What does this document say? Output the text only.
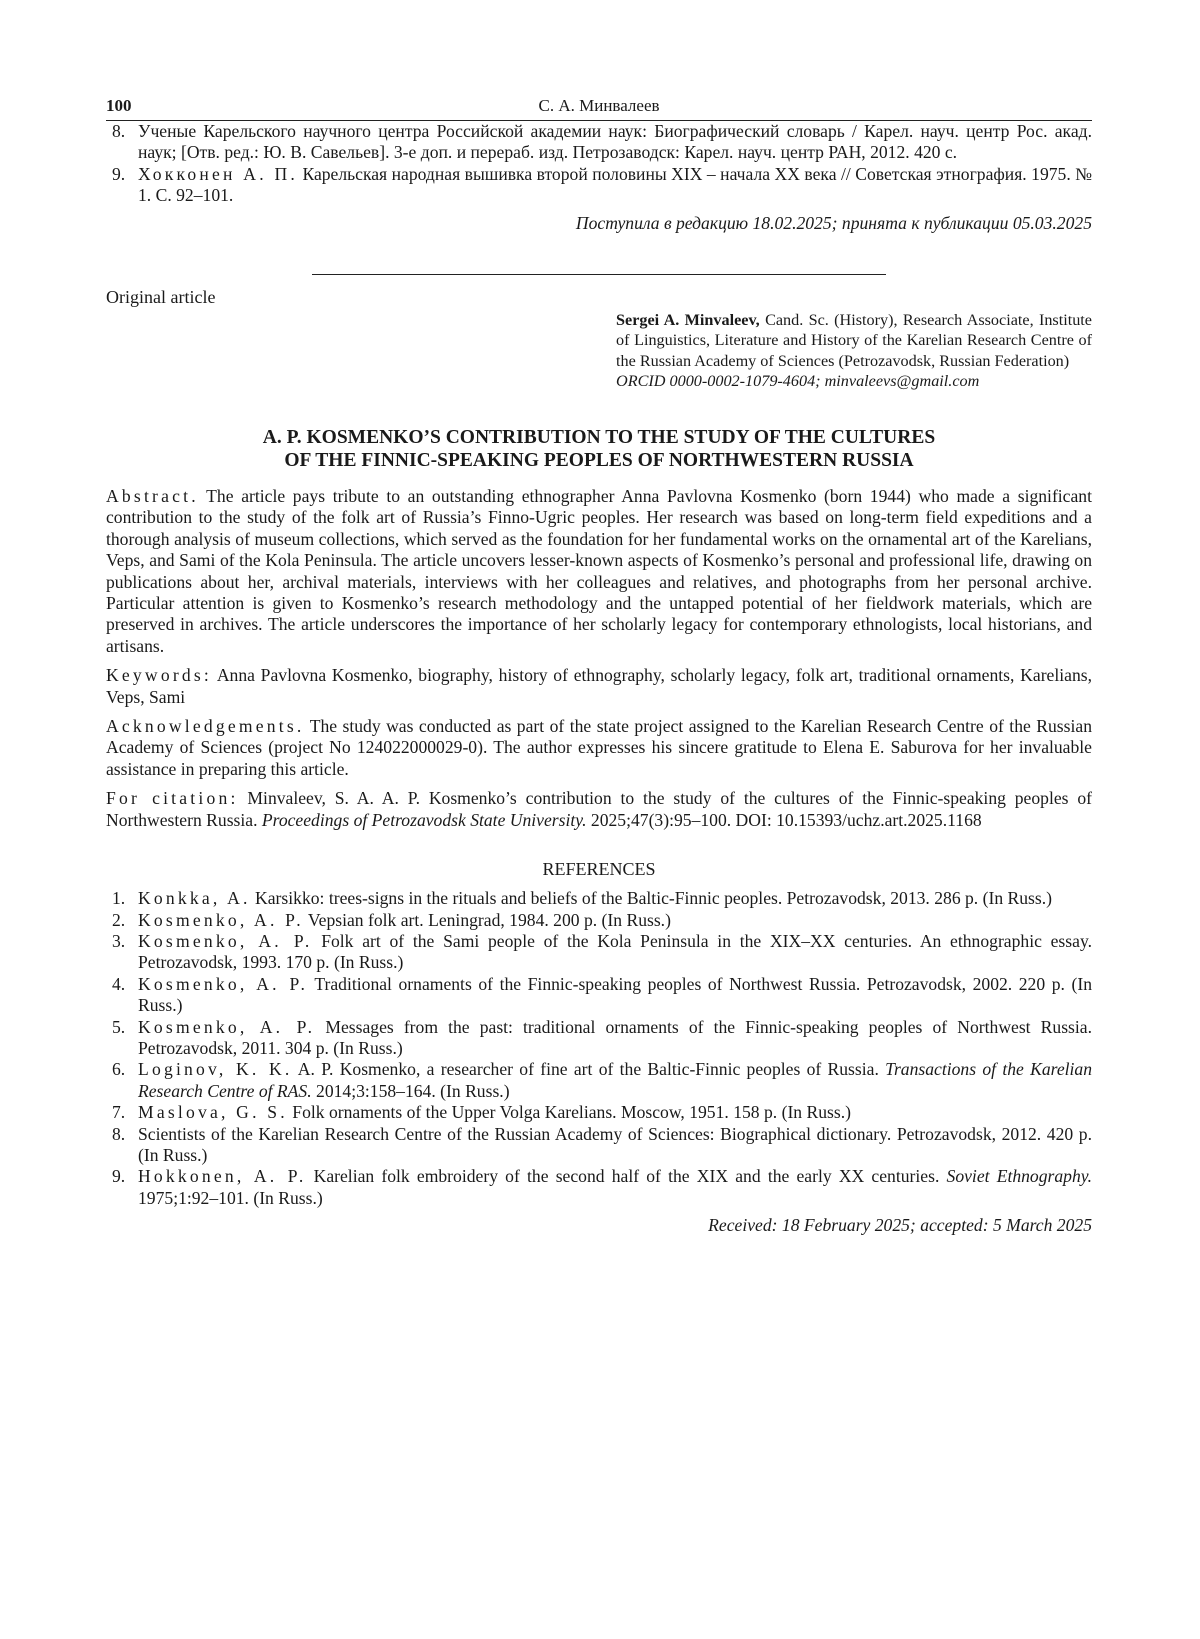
100	С. А. Минвалеев
8. Ученые Карельского научного центра Российской академии наук: Биографический словарь / Карел. науч. центр Рос. акад. наук; [Отв. ред.: Ю. В. Савельев]. 3-е доп. и перераб. изд. Петрозаводск: Карел. науч. центр РАН, 2012. 420 с.
9. Хокконен А. П. Карельская народная вышивка второй половины XIX – начала XX века // Советская этнография. 1975. № 1. С. 92–101.
Поступила в редакцию 18.02.2025; принята к публикации 05.03.2025
Original article
Sergei A. Minvaleev, Cand. Sc. (History), Research Associate, Institute of Linguistics, Literature and History of the Karelian Research Centre of the Russian Academy of Sciences (Petrozavodsk, Russian Federation)
ORCID 0000-0002-1079-4604; minvaleevs@gmail.com
A. P. KOSMENKO’S CONTRIBUTION TO THE STUDY OF THE CULTURES
OF THE FINNIC-SPEAKING PEOPLES OF NORTHWESTERN RUSSIA
Abstract. The article pays tribute to an outstanding ethnographer Anna Pavlovna Kosmenko (born 1944) who made a significant contribution to the study of the folk art of Russia’s Finno-Ugric peoples. Her research was based on long-term field expeditions and a thorough analysis of museum collections, which served as the foundation for her fundamental works on the ornamental art of the Karelians, Veps, and Sami of the Kola Peninsula. The article uncovers lesser-known aspects of Kosmenko’s personal and professional life, drawing on publications about her, archival materials, interviews with her colleagues and relatives, and photographs from her personal archive. Particular attention is given to Kosmenko’s research methodology and the untapped potential of her fieldwork materials, which are preserved in archives. The article underscores the importance of her scholarly legacy for contemporary ethnologists, local historians, and artisans.
Keywords: Anna Pavlovna Kosmenko, biography, history of ethnography, scholarly legacy, folk art, traditional ornaments, Karelians, Veps, Sami
Acknowledgements. The study was conducted as part of the state project assigned to the Karelian Research Centre of the Russian Academy of Sciences (project No 124022000029-0). The author expresses his sincere gratitude to Elena E. Saburova for her invaluable assistance in preparing this article.
For citation: Minvaleev, S. A. A. P. Kosmenko’s contribution to the study of the cultures of the Finnic-speaking peoples of Northwestern Russia. Proceedings of Petrozavodsk State University. 2025;47(3):95–100. DOI: 10.15393/uchz.art.2025.1168
REFERENCES
1. Konkka, A. Karsikko: trees-signs in the rituals and beliefs of the Baltic-Finnic peoples. Petrozavodsk, 2013. 286 p. (In Russ.)
2. Kosmenko, A. P. Vepsian folk art. Leningrad, 1984. 200 p. (In Russ.)
3. Kosmenko, A. P. Folk art of the Sami people of the Kola Peninsula in the XIX–XX centuries. An ethnographic essay. Petrozavodsk, 1993. 170 p. (In Russ.)
4. Kosmenko, A. P. Traditional ornaments of the Finnic-speaking peoples of Northwest Russia. Petrozavodsk, 2002. 220 p. (In Russ.)
5. Kosmenko, A. P. Messages from the past: traditional ornaments of the Finnic-speaking peoples of Northwest Russia. Petrozavodsk, 2011. 304 p. (In Russ.)
6. Loginov, K. K. A. P. Kosmenko, a researcher of fine art of the Baltic-Finnic peoples of Russia. Transactions of the Karelian Research Centre of RAS. 2014;3:158–164. (In Russ.)
7. Maslova, G. S. Folk ornaments of the Upper Volga Karelians. Moscow, 1951. 158 p. (In Russ.)
8. Scientists of the Karelian Research Centre of the Russian Academy of Sciences: Biographical dictionary. Petrozavodsk, 2012. 420 p. (In Russ.)
9. Hokkonen, A. P. Karelian folk embroidery of the second half of the XIX and the early XX centuries. Soviet Ethnography. 1975;1:92–101. (In Russ.)
Received: 18 February 2025; accepted: 5 March 2025
